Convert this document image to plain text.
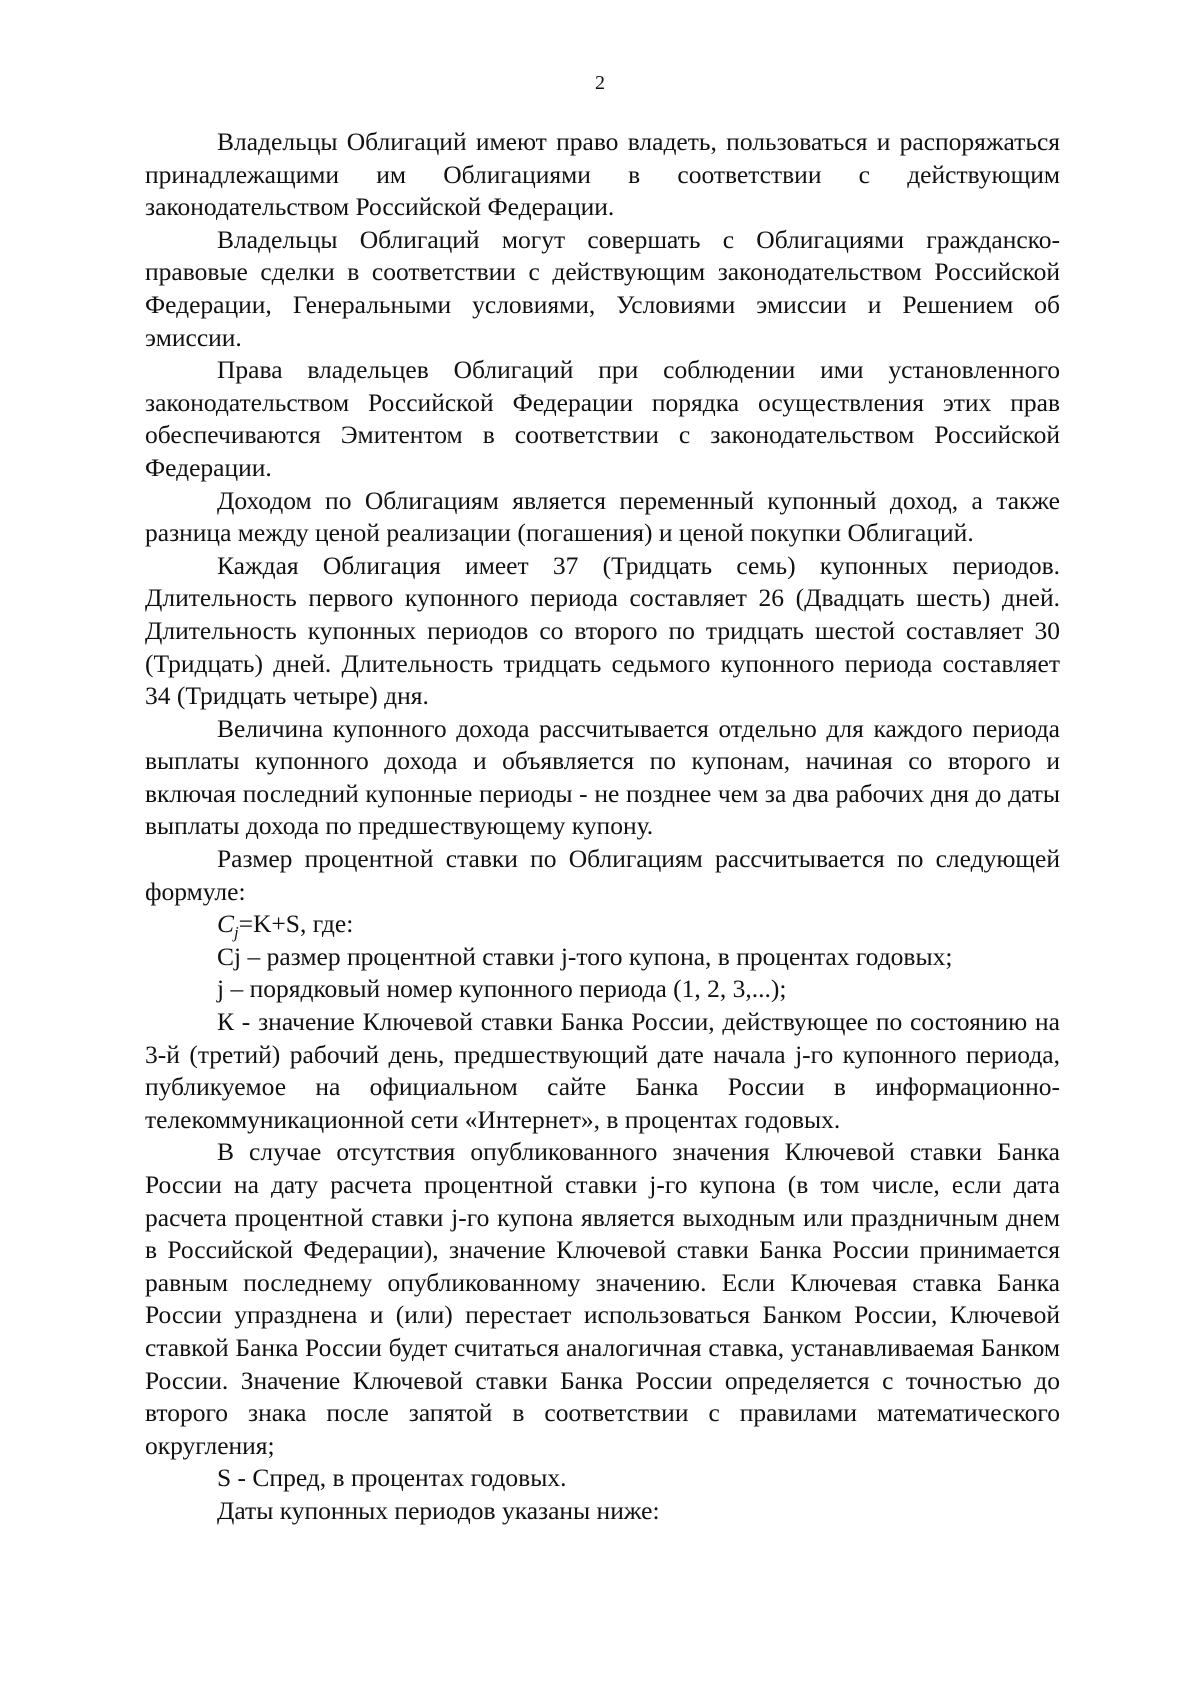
2

Владельцы Облигаций имеют право владеть, пользоваться и распоряжаться принадлежащими им Облигациями в соответствии с действующим законодательством Российской Федерации.

Владельцы Облигаций могут совершать с Облигациями гражданско-правовые сделки в соответствии с действующим законодательством Российской Федерации, Генеральными условиями, Условиями эмиссии и Решением об эмиссии.

Права владельцев Облигаций при соблюдении ими установленного законодательством Российской Федерации порядка осуществления этих прав обеспечиваются Эмитентом в соответствии с законодательством Российской Федерации.

Доходом по Облигациям является переменный купонный доход, а также разница между ценой реализации (погашения) и ценой покупки Облигаций.

Каждая Облигация имеет 37 (Тридцать семь) купонных периодов. Длительность первого купонного периода составляет 26 (Двадцать шесть) дней. Длительность купонных периодов со второго по тридцать шестой составляет 30 (Тридцать) дней. Длительность тридцать седьмого купонного периода составляет 34 (Тридцать четыре) дня.

Величина купонного дохода рассчитывается отдельно для каждого периода выплаты купонного дохода и объявляется по купонам, начиная со второго и включая последний купонные периоды - не позднее чем за два рабочих дня до даты выплаты дохода по предшествующему купону.

Размер процентной ставки по Облигациям рассчитывается по следующей формуле:

$C_j=K+S$, где:

Cj – размер процентной ставки j-того купона, в процентах годовых;

j – порядковый номер купонного периода (1, 2, 3,...);

К - значение Ключевой ставки Банка России, действующее по состоянию на 3-й (третий) рабочий день, предшествующий дате начала j-го купонного периода, публикуемое на официальном сайте Банка России в информационно-телекоммуникационной сети «Интернет», в процентах годовых.

В случае отсутствия опубликованного значения Ключевой ставки Банка России на дату расчета процентной ставки j-го купона (в том числе, если дата расчета процентной ставки j-го купона является выходным или праздничным днем в Российской Федерации), значение Ключевой ставки Банка России принимается равным последнему опубликованному значению. Если Ключевая ставка Банка России упразднена и (или) перестает использоваться Банком России, Ключевой ставкой Банка России будет считаться аналогичная ставка, устанавливаемая Банком России. Значение Ключевой ставки Банка России определяется с точностью до второго знака после запятой в соответствии с правилами математического округления;

S - Спред, в процентах годовых.

Даты купонных периодов указаны ниже:
